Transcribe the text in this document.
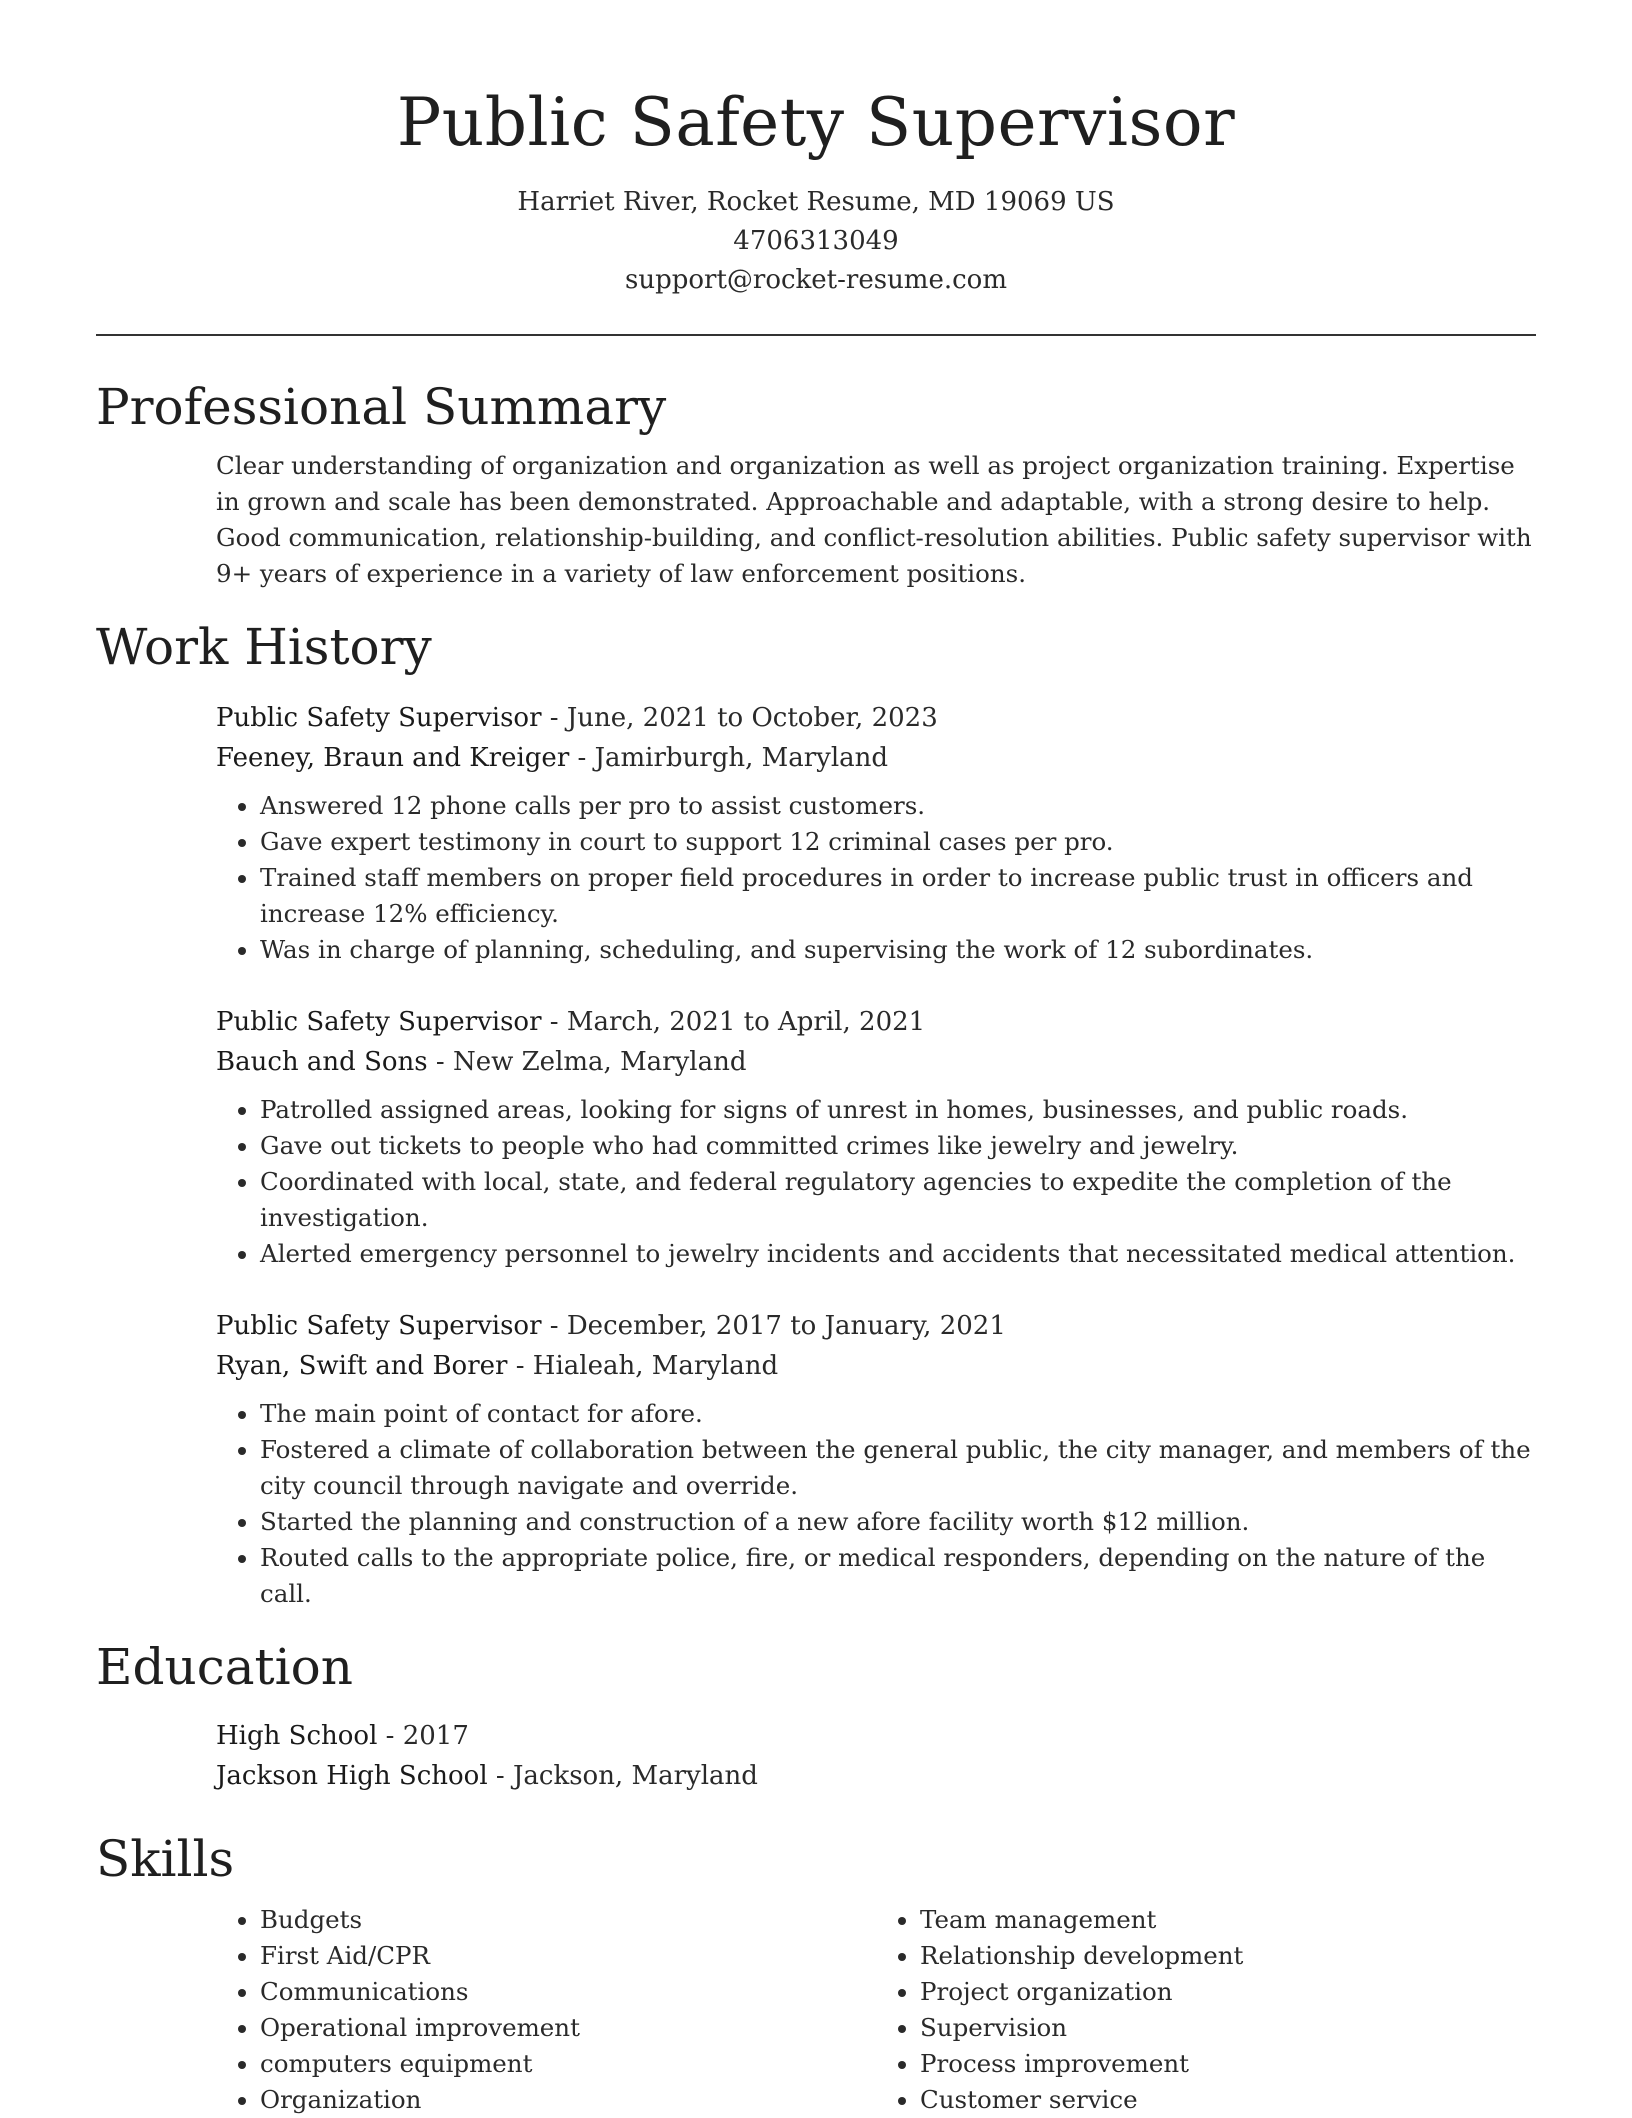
Public Safety Supervisor
Harriet River, Rocket Resume, MD 19069 US
4706313049
support@rocket-resume.com
Professional Summary
Clear understanding of organization and organization as well as project organization training. Expertise in grown and scale has been demonstrated. Approachable and adaptable, with a strong desire to help. Good communication, relationship-building, and conflict-resolution abilities. Public safety supervisor with 9+ years of experience in a variety of law enforcement positions.
Work History
Public Safety Supervisor - June, 2021 to October, 2023
Feeney, Braun and Kreiger - Jamirburgh, Maryland
• Answered 12 phone calls per pro to assist customers.
• Gave expert testimony in court to support 12 criminal cases per pro.
• Trained staff members on proper field procedures in order to increase public trust in officers and increase 12% efficiency.
• Was in charge of planning, scheduling, and supervising the work of 12 subordinates.
Public Safety Supervisor - March, 2021 to April, 2021
Bauch and Sons - New Zelma, Maryland
• Patrolled assigned areas, looking for signs of unrest in homes, businesses, and public roads.
• Gave out tickets to people who had committed crimes like jewelry and jewelry.
• Coordinated with local, state, and federal regulatory agencies to expedite the completion of the investigation.
• Alerted emergency personnel to jewelry incidents and accidents that necessitated medical attention.
Public Safety Supervisor - December, 2017 to January, 2021
Ryan, Swift and Borer - Hialeah, Maryland
• The main point of contact for afore.
• Fostered a climate of collaboration between the general public, the city manager, and members of the city council through navigate and override.
• Started the planning and construction of a new afore facility worth $12 million.
• Routed calls to the appropriate police, fire, or medical responders, depending on the nature of the call.
Education
High School - 2017
Jackson High School - Jackson, Maryland
Skills
• Budgets
• First Aid/CPR
• Communications
• Operational improvement
• computers equipment
• Organization
• Team management
• Relationship development
• Project organization
• Supervision
• Process improvement
• Customer service
